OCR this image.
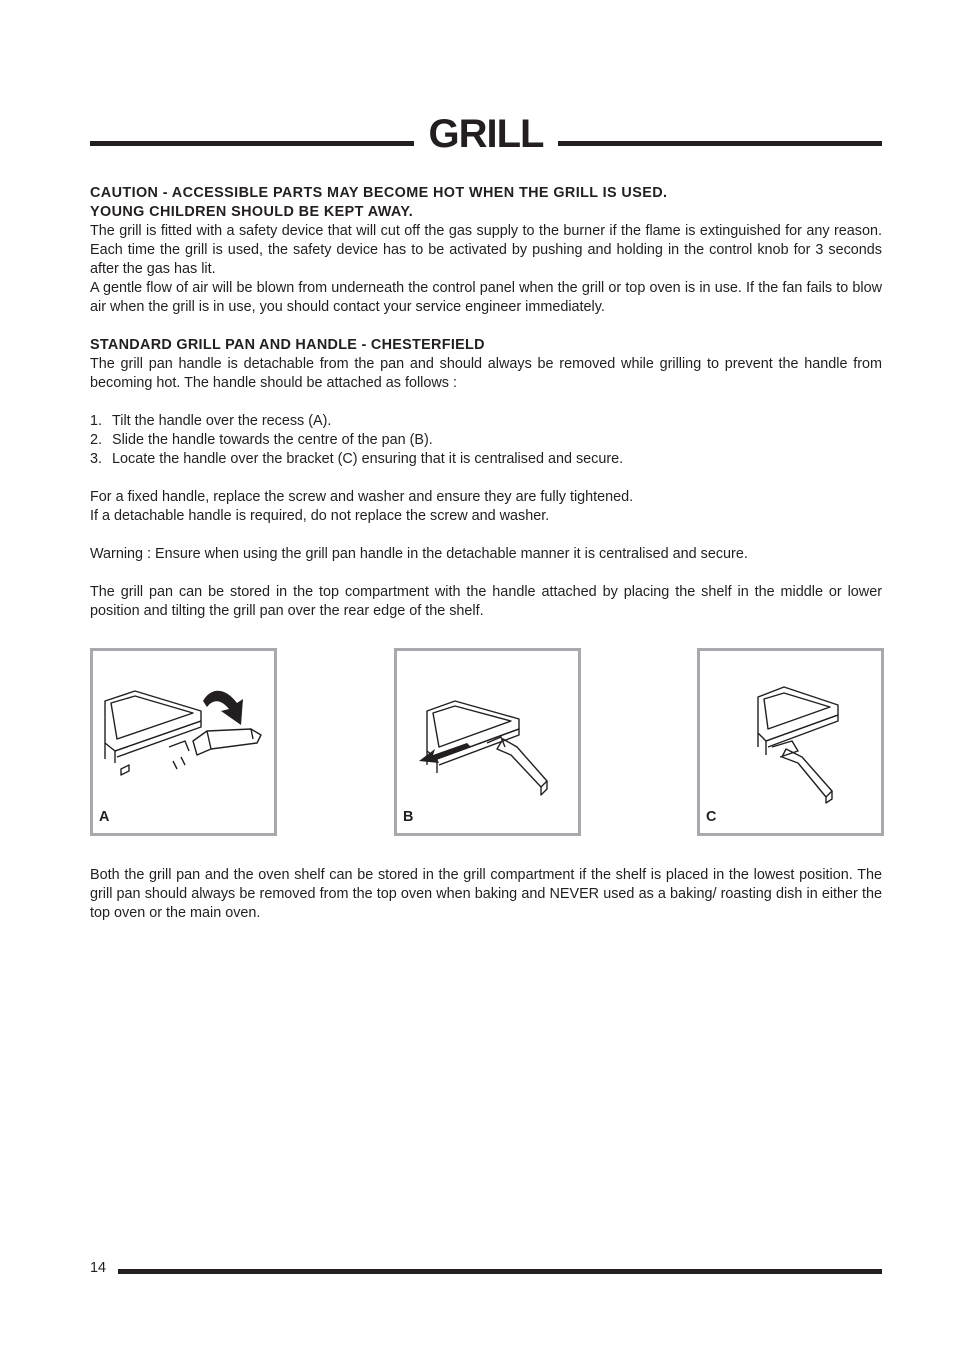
GRILL

CAUTION - ACCESSIBLE PARTS MAY BECOME HOT WHEN THE GRILL IS USED.

YOUNG CHILDREN SHOULD BE KEPT AWAY.

The grill is fitted with a safety device that will cut off the gas supply to the burner if the flame is extinguished for any reason. Each time the grill is used, the safety device has to be activated by pushing and holding in the control knob for 3 seconds after the gas has lit.

A gentle flow of air will be blown from underneath the control panel when the grill or top oven is in use. If the fan fails to blow air when the grill is in use, you should contact your service engineer immediately.

STANDARD GRILL PAN AND HANDLE - CHESTERFIELD

The grill pan handle is detachable from the pan and should always be removed while grilling to prevent the handle from becoming hot. The handle should be attached as follows :

1. Tilt the handle over the recess (A).
2. Slide the handle towards the centre of the pan (B).
3. Locate the handle over the bracket (C) ensuring that it is centralised and secure.

For a fixed handle, replace the screw and washer and ensure they are fully tightened.

If a detachable handle is required, do not replace the screw and washer.

Warning : Ensure when using the grill pan handle in the detachable manner it is centralised and secure.

The grill pan can be stored in the top compartment with the handle attached by placing the shelf in the middle or lower position and tilting the grill pan over the rear edge of the shelf.

A	B	C

Both the grill pan and the oven shelf can be stored in the grill compartment if the shelf is placed in the lowest position. The grill pan should always be removed from the top oven when baking and NEVER used as a baking/ roasting dish in either the top oven or the main oven.

14
